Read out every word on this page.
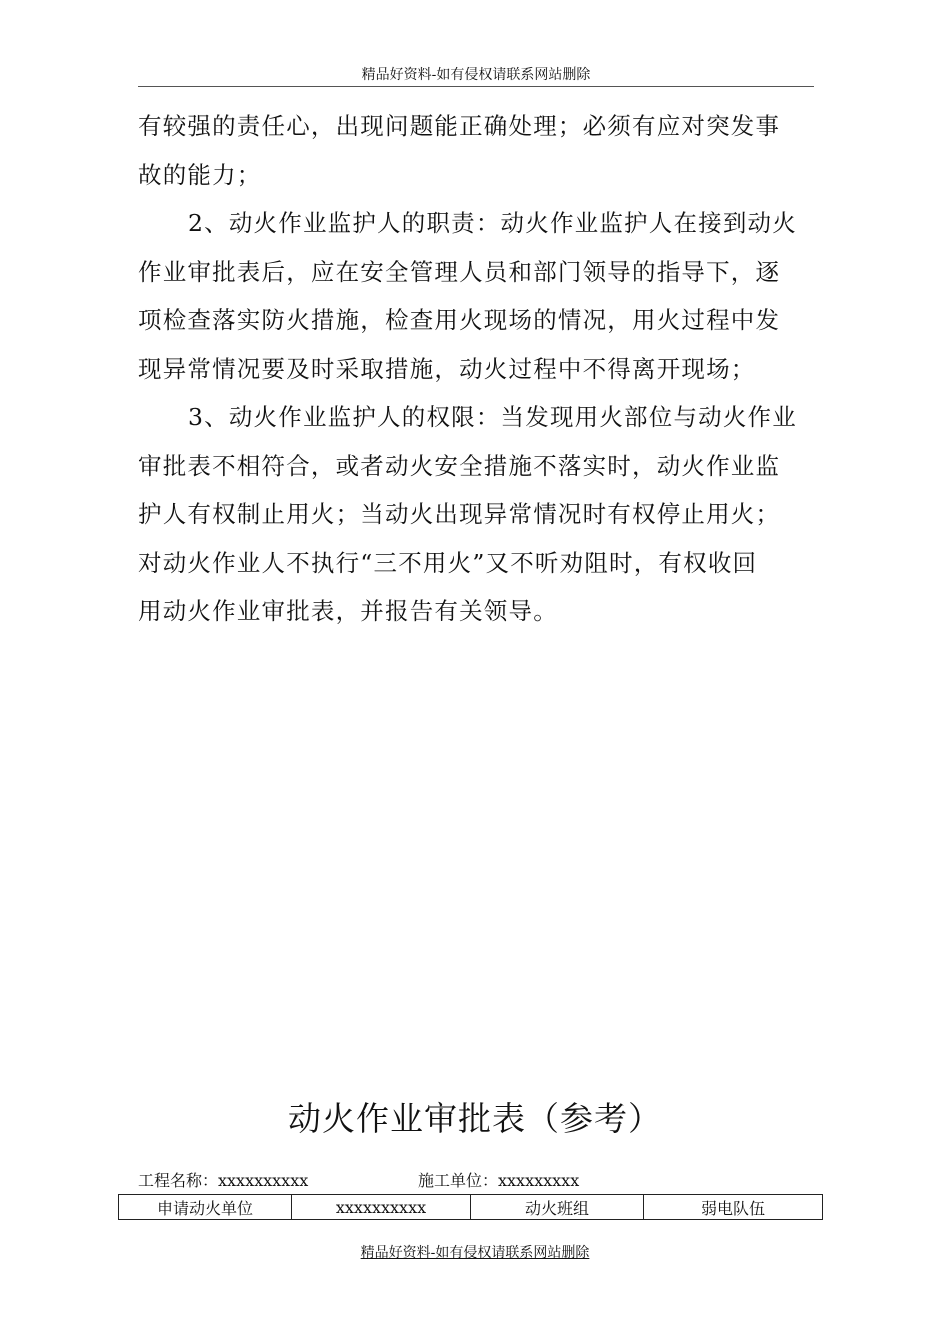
精品好资料-如有侵权请联系网站删除
有较强的责任心，出现问题能正确处理；必须有应对突发事
故的能力；
2、动火作业监护人的职责：动火作业监护人在接到动火
作业审批表后，应在安全管理人员和部门领导的指导下，逐
项检查落实防火措施，检查用火现场的情况，用火过程中发
现异常情况要及时采取措施，动火过程中不得离开现场；
3、动火作业监护人的权限：当发现用火部位与动火作业
审批表不相符合，或者动火安全措施不落实时，动火作业监
护人有权制止用火；当动火出现异常情况时有权停止用火；
对动火作业人不执行“三不用火”又不听劝阻时，有权收回
用动火作业审批表，并报告有关领导。
动火作业审批表（参考）
工程名称：xxxxxxxxxx	施工单位：xxxxxxxxx
申请动火单位	xxxxxxxxxx	动火班组	弱电队伍
精品好资料-如有侵权请联系网站删除
